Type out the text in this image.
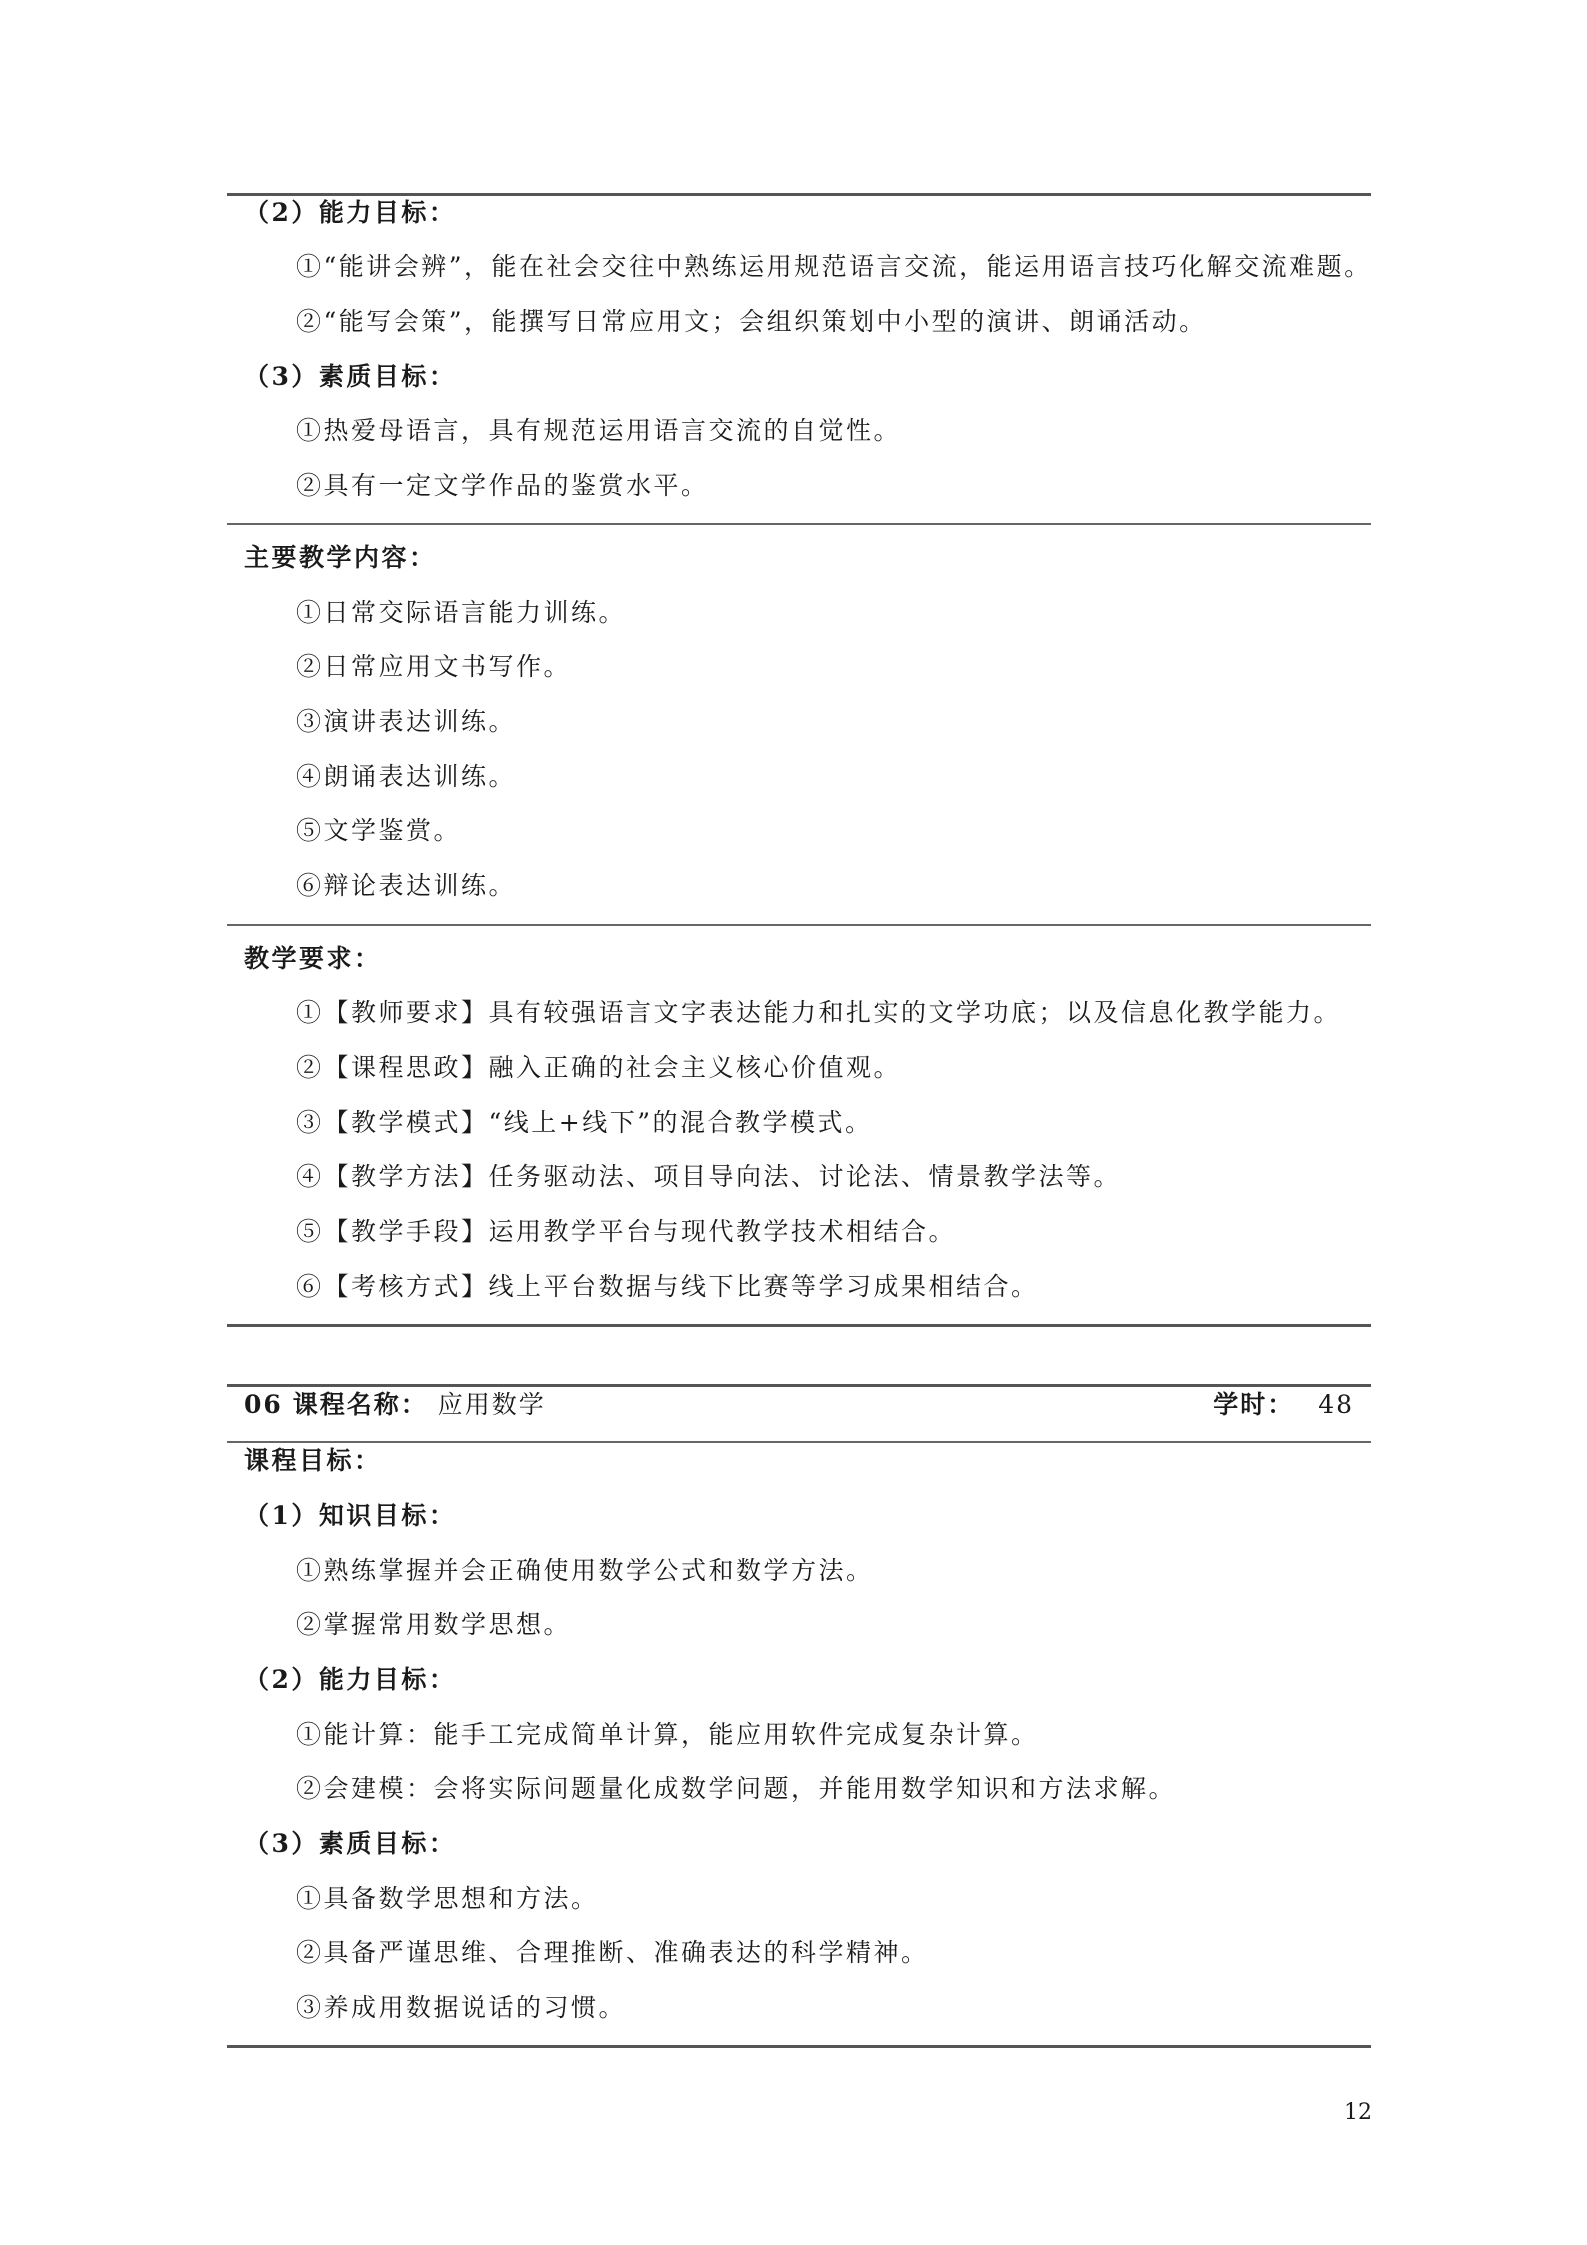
（2）能力目标：
①“能讲会辨”，能在社会交往中熟练运用规范语言交流，能运用语言技巧化解交流难题。
②“能写会策”，能撰写日常应用文；会组织策划中小型的演讲、朗诵活动。
（3）素质目标：
①热爱母语言，具有规范运用语言交流的自觉性。
②具有一定文学作品的鉴赏水平。
主要教学内容：
①日常交际语言能力训练。
②日常应用文书写作。
③演讲表达训练。
④朗诵表达训练。
⑤文学鉴赏。
⑥辩论表达训练。
教学要求：
①【教师要求】具有较强语言文字表达能力和扎实的文学功底；以及信息化教学能力。
②【课程思政】融入正确的社会主义核心价值观。
③【教学模式】“线上+线下”的混合教学模式。
④【教学方法】任务驱动法、项目导向法、讨论法、情景教学法等。
⑤【教学手段】运用教学平台与现代教学技术相结合。
⑥【考核方式】线上平台数据与线下比赛等学习成果相结合。
06 课程名称： 应用数学	学时： 48
课程目标：
（1）知识目标：
①熟练掌握并会正确使用数学公式和数学方法。
②掌握常用数学思想。
（2）能力目标：
①能计算：能手工完成简单计算，能应用软件完成复杂计算。
②会建模：会将实际问题量化成数学问题，并能用数学知识和方法求解。
（3）素质目标：
①具备数学思想和方法。
②具备严谨思维、合理推断、准确表达的科学精神。
③养成用数据说话的习惯。
12
